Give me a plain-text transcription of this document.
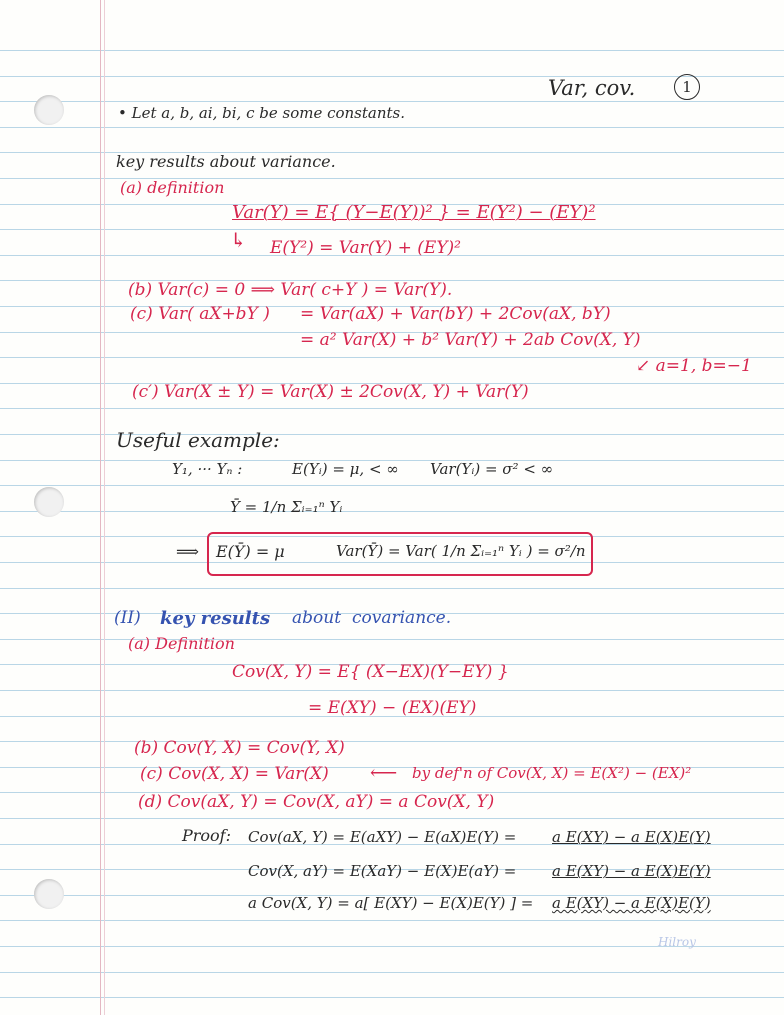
Var, cov.	1
• Let a, b, ai, bi, c be some constants.
key results about variance.
(a) definition
Var(Y) = E{ (Y−E(Y))² } = E(Y²) − (EY)²
↳ E(Y²) = Var(Y) + (EY)²
(b) Var(c) = 0 ⟹ Var( c+Y ) = Var(Y).
(c) Var( aX+bY ) = Var(aX) + Var(bY) + 2Cov(aX, bY)
= a² Var(X) + b² Var(Y) + 2ab Cov(X, Y)
↙ a=1, b=−1
(c′) Var(X ± Y) = Var(X) ± 2Cov(X, Y) + Var(Y)
Useful example:
Y₁, ··· Yₙ :	E(Yᵢ) = μ, < ∞ Var(Yᵢ) = σ² < ∞
Ȳ = 1/n Σᵢ₌₁ⁿ Yᵢ
⟹ E(Ȳ) = μ	Var(Ȳ) = Var( 1/n Σᵢ₌₁ⁿ Yᵢ ) = σ²/n
(II) key results about covariance.
(a) Definition
Cov(X, Y) = E{ (X−EX)(Y−EY) }
= E(XY) − (EX)(EY)
(b) Cov(Y, X) = Cov(Y, X)
(c) Cov(X, X) = Var(X) ⟵ by def'n of Cov(X, X) = E(X²) − (EX)²
(d) Cov(aX, Y) = Cov(X, aY) = a Cov(X, Y)
Proof: Cov(aX, Y) = E(aXY) − E(aX)E(Y) = a E(XY) − a E(X)E(Y)
Cov(X, aY) = E(XaY) − E(X)E(aY) = a E(XY) − a E(X)E(Y)
a Cov(X, Y) = a[ E(XY) − E(X)E(Y) ] = a E(XY) − a E(X)E(Y)
Hilroy
